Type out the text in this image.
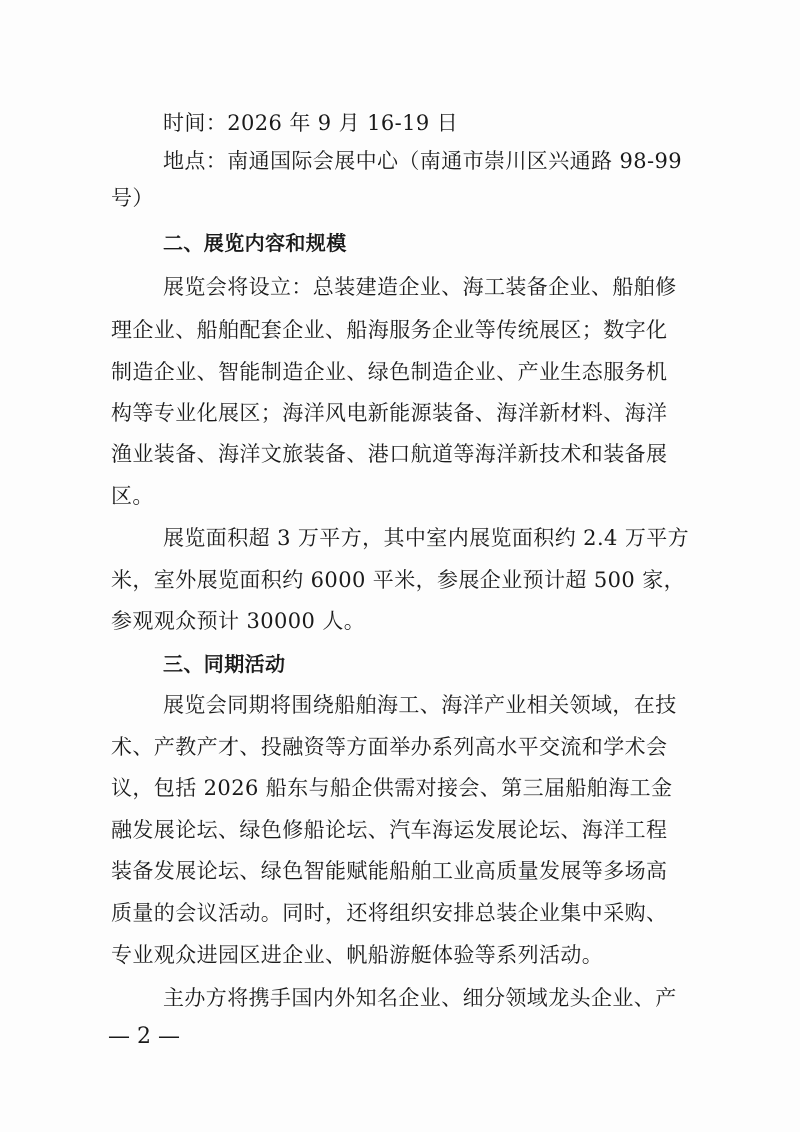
时间：2026 年 9 月 16-19 日
地点：南通国际会展中心（南通市崇川区兴通路 98-99
号）
二、展览内容和规模
展览会将设立：总装建造企业、海工装备企业、船舶修
理企业、船舶配套企业、船海服务企业等传统展区；数字化
制造企业、智能制造企业、绿色制造企业、产业生态服务机
构等专业化展区；海洋风电新能源装备、海洋新材料、海洋
渔业装备、海洋文旅装备、港口航道等海洋新技术和装备展
区。
展览面积超 3 万平方，其中室内展览面积约 2.4 万平方
米，室外展览面积约 6000 平米，参展企业预计超 500 家，
参观观众预计 30000 人。
三、同期活动
展览会同期将围绕船舶海工、海洋产业相关领域，在技
术、产教产才、投融资等方面举办系列高水平交流和学术会
议，包括 2026 船东与船企供需对接会、第三届船舶海工金
融发展论坛、绿色修船论坛、汽车海运发展论坛、海洋工程
装备发展论坛、绿色智能赋能船舶工业高质量发展等多场高
质量的会议活动。同时，还将组织安排总装企业集中采购、
专业观众进园区进企业、帆船游艇体验等系列活动。
主办方将携手国内外知名企业、细分领域龙头企业、产
— 2 —
